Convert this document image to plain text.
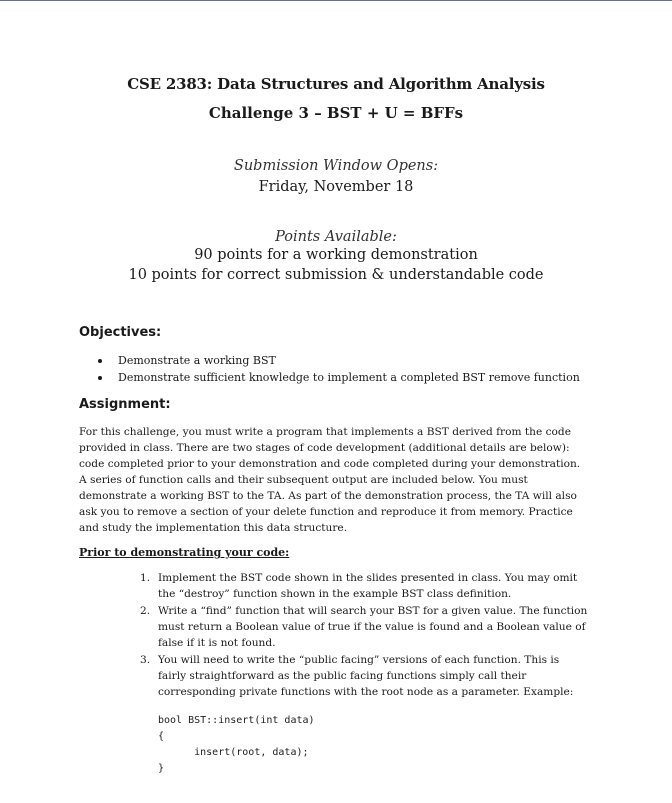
CSE 2383: Data Structures and Algorithm Analysis
Challenge 3 – BST + U = BFFs
Submission Window Opens:
Friday, November 18
Points Available:
90 points for a working demonstration
10 points for correct submission & understandable code
Objectives:
Demonstrate a working BST
Demonstrate sufficient knowledge to implement a completed BST remove function
Assignment:
For this challenge, you must write a program that implements a BST derived from the code
provided in class. There are two stages of code development (additional details are below):
code completed prior to your demonstration and code completed during your demonstration.
A series of function calls and their subsequent output are included below. You must
demonstrate a working BST to the TA. As part of the demonstration process, the TA will also
ask you to remove a section of your delete function and reproduce it from memory. Practice
and study the implementation this data structure.
Prior to demonstrating your code:
1. Implement the BST code shown in the slides presented in class. You may omit
the “destroy” function shown in the example BST class definition.
2. Write a “find” function that will search your BST for a given value. The function
must return a Boolean value of true if the value is found and a Boolean value of
false if it is not found.
3. You will need to write the “public facing” versions of each function. This is
fairly straightforward as the public facing functions simply call their
corresponding private functions with the root node as a parameter. Example:
bool BST::insert(int data)
{
insert(root, data);
}
